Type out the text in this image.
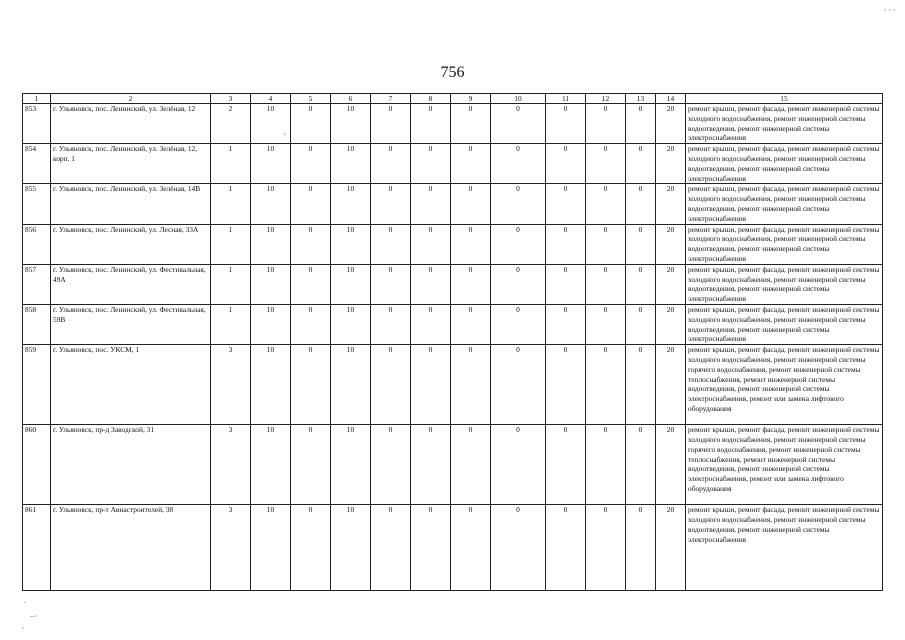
756
1	2	3	4	5	6	7	8	9	10	11	12	13	14	15
853	г. Ульяновск, пос. Ленинский, ул. Зелёная, 12	2	10	0	10	0	0	0	0	0	0	0	20	ремонт крыши, ремонт фасада, ремонт инженерной системы холодного водоснабжения, ремонт инженерной системы водоотведения, ремонт инженерной системы электроснабжения
854	г. Ульяновск, пос. Ленинский, ул. Зелёная, 12, корп. 1	1	10	0	10	0	0	0	0	0	0	0	20	ремонт крыши, ремонт фасада, ремонт инженерной системы холодного водоснабжения, ремонт инженерной системы водоотведения, ремонт инженерной системы электроснабжения
855	г. Ульяновск, пос. Ленинский, ул. Зелёная, 14В	1	10	0	10	0	0	0	0	0	0	0	20	ремонт крыши, ремонт фасада, ремонт инженерной системы холодного водоснабжения, ремонт инженерной системы водоотведения, ремонт инженерной системы электроснабжения
856	г. Ульяновск, пос. Ленинский, ул. Лесная, 33А	1	10	0	10	0	0	0	0	0	0	0	20	ремонт крыши, ремонт фасада, ремонт инженерной системы холодного водоснабжения, ремонт инженерной системы водоотведения, ремонт инженерной системы электроснабжения
857	г. Ульяновск, пос. Ленинский, ул. Фестивальная, 49А	1	10	0	10	0	0	0	0	0	0	0	20	ремонт крыши, ремонт фасада, ремонт инженерной системы холодного водоснабжения, ремонт инженерной системы водоотведения, ремонт инженерной системы электроснабжения
858	г. Ульяновск, пос. Ленинский, ул. Фестивальная, 59В	1	10	0	10	0	0	0	0	0	0	0	20	ремонт крыши, ремонт фасада, ремонт инженерной системы холодного водоснабжения, ремонт инженерной системы водоотведения, ремонт инженерной системы электроснабжения
859	г. Ульяновск, пос. УКСМ, 1	3	10	0	10	0	0	0	0	0	0	0	20	ремонт крыши, ремонт фасада, ремонт инженерной системы холодного водоснабжения, ремонт инженерной системы горячего водоснабжения, ремонт инженерной системы теплоснабжения, ремонт инженерной системы водоотведения, ремонт инженерной системы электроснабжения, ремонт или замена лифтового оборудования
860	г. Ульяновск, пр-д Заводской, 31	3	10	0	10	0	0	0	0	0	0	0	20	ремонт крыши, ремонт фасада, ремонт инженерной системы холодного водоснабжения, ремонт инженерной системы горячего водоснабжения, ремонт инженерной системы теплоснабжения, ремонт инженерной системы водоотведения, ремонт инженерной системы электроснабжения, ремонт или замена лифтового оборудования
861	г. Ульяновск, пр-т Авиастроителей, 38	3	10	0	10	0	0	0	0	0	0	0	20	ремонт крыши, ремонт фасада, ремонт инженерной системы холодного водоснабжения, ремонт инженерной системы водоотведения, ремонт инженерной системы электроснабжения
′
···
∙
∙∙·
′
